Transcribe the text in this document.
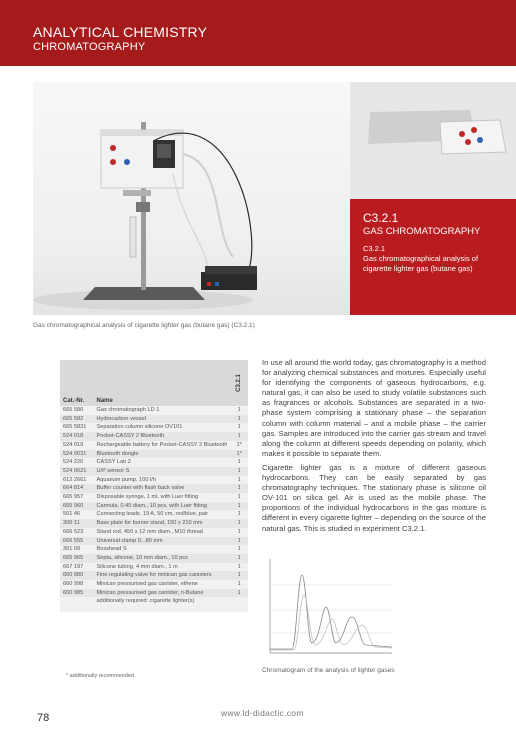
ANALYTICAL CHEMISTRY
CHROMATOGRAPHY
C3.2.1
GAS CHROMATOGRAPHY
C3.2.1
Gas chromatographical analysis of cigarette lighter gas (butane gas)
Gas chromatographical analysis of cigarette lighter gas (butane gas) (C3.2.1)
Cat.-Nr.	Name	C3.2.1
665 580	Gas chromatograph LD 1	1
665 582	Hydrocarbon vessel	1
665 5831	Separation column silicone OV101	1
524 018	Pocket-CASSY 2 Bluetooth	1
524 019	Rechargeable battery for Pocket-CASSY 2 Bluetooth	1*
524 0031	Bluetooth dongle	1*
524 220	CASSY Lab 2	1
524 0621	U/P sensor S	1
612 2661	Aquarium pump, 100 l/h	1
664 814	Buffer counter with flash back valve	1
665 957	Disposable syringe, 1 ml, with Luer fitting	1
665 960	Cannula, 0.45 diam., 10 pcs, with Luer fitting	1
501 46	Connecting leads, 19 A, 50 cm, red/blue, pair	1
300 11	Base plate for burner stand, 150 x 210 mm	1
666 523	Stand rod, 450 x 12 mm diam., M10 thread	1
666 555	Universal clamp 0...80 mm	1
301 09	Bosshead S	1
665 965	Septa, silicone, 10 mm diam., 10 pcs	1
667 197	Silicone tubing, 4 mm diam., 1 m	1
660 980	Fine regulating valve for minican gas canisters	1
660 998	Minican pressurised gas canister, ethene	1
660 985	Minican pressurised gas canister, n-Butane	1
	additionally required: cigarette lighter(s)	
* additionally recommended

In use all around the world today, gas chromatography is a method for analyzing chemical substances and mixtures. Especially useful for identifying the components of gaseous hydrocarbons, e.g. natural gas, it can also be used to study volatile substances such as fragrances or alcohols. Substances are separated in a two-phase system comprising a stationary phase – the separation column with column material – and a mobile phase – the carrier gas. Samples are introduced into the carrier gas stream and travel along the column at different speeds depending on polarity, which makes it possible to separate them.

Cigarette lighter gas is a mixture of different gaseous hydrocarbons. They can be easily separated by gas chromatography techniques. The stationary phase is silicone oil OV-101 on silica gel. Air is used as the mobile phase. The proportions of the individual hydrocarbons in the gas mixture is different in every cigarette lighter – depending on the source of the natural gas. This is studied in experiment C3.2.1.

Chromatogram of the analysis of lighter gases
78	www.ld-didactic.com
